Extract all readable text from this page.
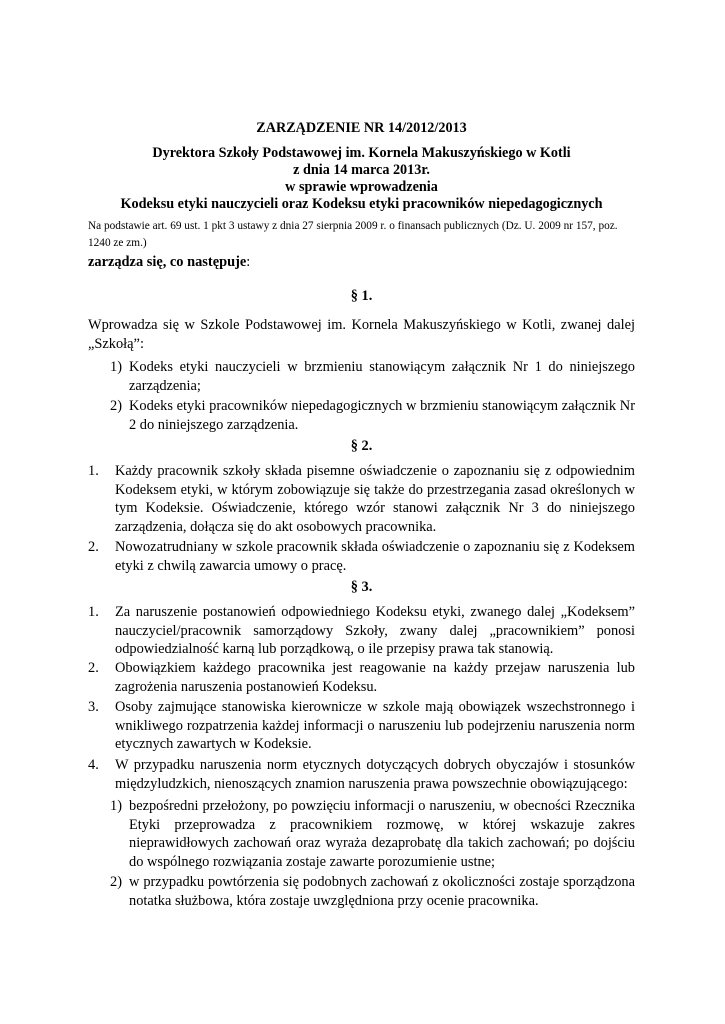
ZARZĄDZENIE NR 14/2012/2013
Dyrektora Szkoły Podstawowej im. Kornela Makuszyńskiego w Kotli
z dnia 14 marca 2013r.
w sprawie wprowadzenia
Kodeksu etyki nauczycieli oraz Kodeksu etyki pracowników niepedagogicznych
Na podstawie art. 69 ust. 1 pkt 3 ustawy z dnia 27 sierpnia 2009 r. o finansach publicznych (Dz. U. 2009 nr 157, poz. 1240 ze zm.)
zarządza się, co następuje:
§ 1.
Wprowadza się w Szkole Podstawowej im. Kornela Makuszyńskiego w Kotli, zwanej dalej „Szkołą”:
1) Kodeks etyki nauczycieli w brzmieniu stanowiącym załącznik Nr 1 do niniejszego zarządzenia;
2) Kodeks etyki pracowników niepedagogicznych w brzmieniu stanowiącym załącznik Nr 2 do niniejszego zarządzenia.
§ 2.
1. Każdy pracownik szkoły składa pisemne oświadczenie o zapoznaniu się z odpowiednim Kodeksem etyki, w którym zobowiązuje się także do przestrzegania zasad określonych w tym Kodeksie. Oświadczenie, którego wzór stanowi załącznik Nr 3 do niniejszego zarządzenia, dołącza się do akt osobowych pracownika.
2. Nowozatrudniany w szkole pracownik składa oświadczenie o zapoznaniu się z Kodeksem etyki z chwilą zawarcia umowy o pracę.
§ 3.
1. Za naruszenie postanowień odpowiedniego Kodeksu etyki, zwanego dalej „Kodeksem” nauczyciel/pracownik samorządowy Szkoły, zwany dalej „pracownikiem” ponosi odpowiedzialność karną lub porządkową, o ile przepisy prawa tak stanowią.
2. Obowiązkiem każdego pracownika jest reagowanie na każdy przejaw naruszenia lub zagrożenia naruszenia postanowień Kodeksu.
3. Osoby zajmujące stanowiska kierownicze w szkole mają obowiązek wszechstronnego i wnikliwego rozpatrzenia każdej informacji o naruszeniu lub podejrzeniu naruszenia norm etycznych zawartych w Kodeksie.
4. W przypadku naruszenia norm etycznych dotyczących dobrych obyczajów i stosunków międzyludzkich, nienoszących znamion naruszenia prawa powszechnie obowiązującego:
1) bezpośredni przełożony, po powzięciu informacji o naruszeniu, w obecności Rzecznika Etyki przeprowadza z pracownikiem rozmowę, w której wskazuje zakres nieprawidłowych zachowań oraz wyraża dezaprobatę dla takich zachowań; po dojściu do wspólnego rozwiązania zostaje zawarte porozumienie ustne;
2) w przypadku powtórzenia się podobnych zachowań z okoliczności zostaje sporządzona notatka służbowa, która zostaje uwzględniona przy ocenie pracownika.
